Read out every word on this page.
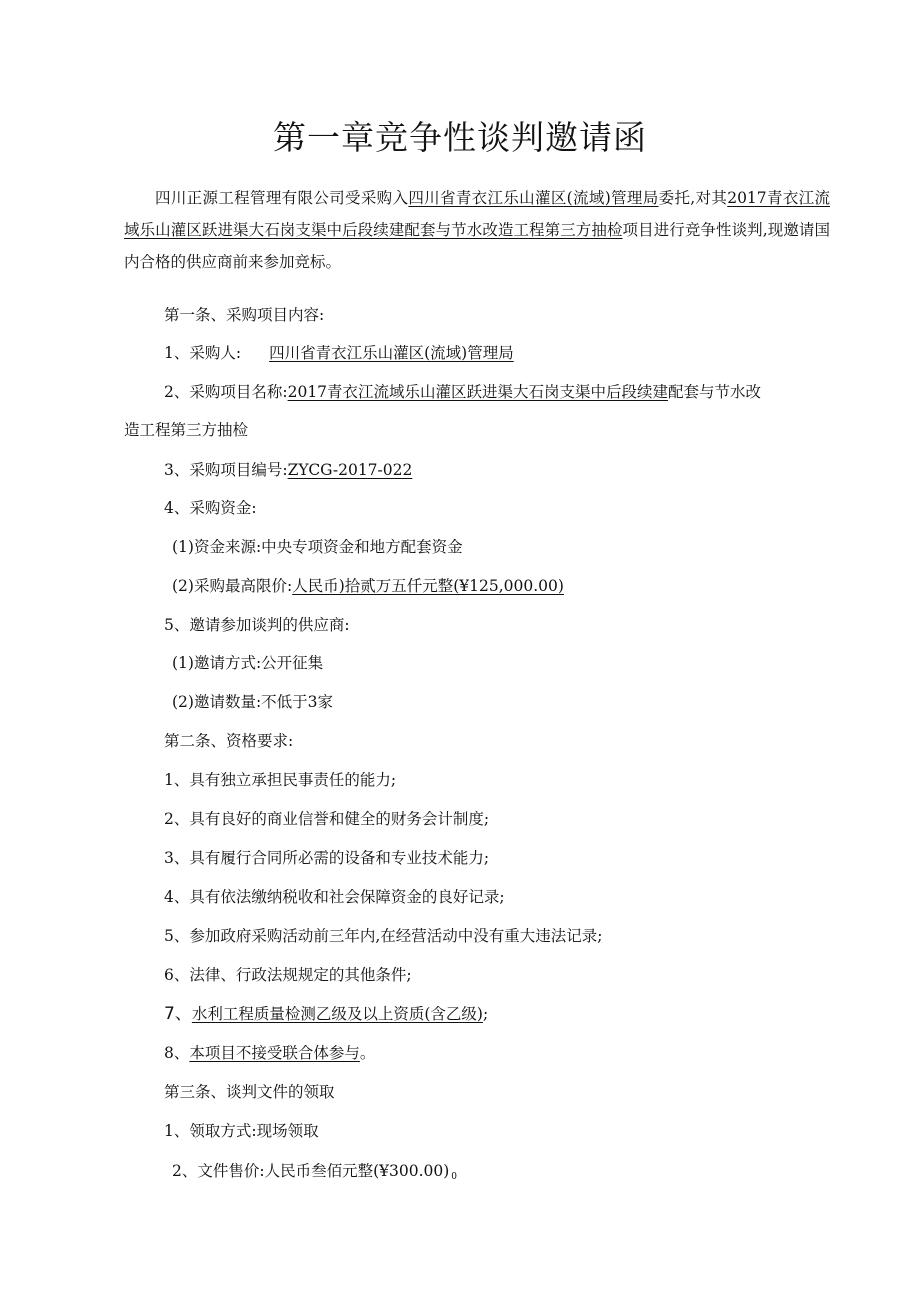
第一章竞争性谈判邀请函

四川正源工程管理有限公司受采购入四川省青衣江乐山灌区(流域)管理局委托,对其2017青衣江流域乐山灌区跃进渠大石岗支渠中后段续建配套与节水改造工程第三方抽检项目进行竞争性谈判,现邀请国内合格的供应商前来参加竞标。

第一条、采购项目内容:
1、采购人: 四川省青衣江乐山灌区(流域)管理局
2、采购项目名称:2017青衣江流域乐山灌区跃进渠大石岗支渠中后段续建配套与节水改
造工程第三方抽检
3、采购项目编号:ZYCG-2017-022
4、采购资金:
(1)资金来源:中央专项资金和地方配套资金
(2)采购最高限价:人民币)拾贰万五仟元整(¥125,000.00)
5、邀请参加谈判的供应商:
(1)邀请方式:公开征集
(2)邀请数量:不低于3家
第二条、资格要求:
1、具有独立承担民事责任的能力;
2、具有良好的商业信誉和健全的财务会计制度;
3、具有履行合同所必需的设备和专业技术能力;
4、具有依法缴纳税收和社会保障资金的良好记录;
5、参加政府采购活动前三年内,在经营活动中没有重大违法记录;
6、法律、行政法规规定的其他条件;
7、水利工程质量检测乙级及以上资质(含乙级);
8、本项目不接受联合体参与。
第三条、谈判文件的领取
1、领取方式:现场领取
2、文件售价:人民币叁佰元整(¥300.00) $_0$
